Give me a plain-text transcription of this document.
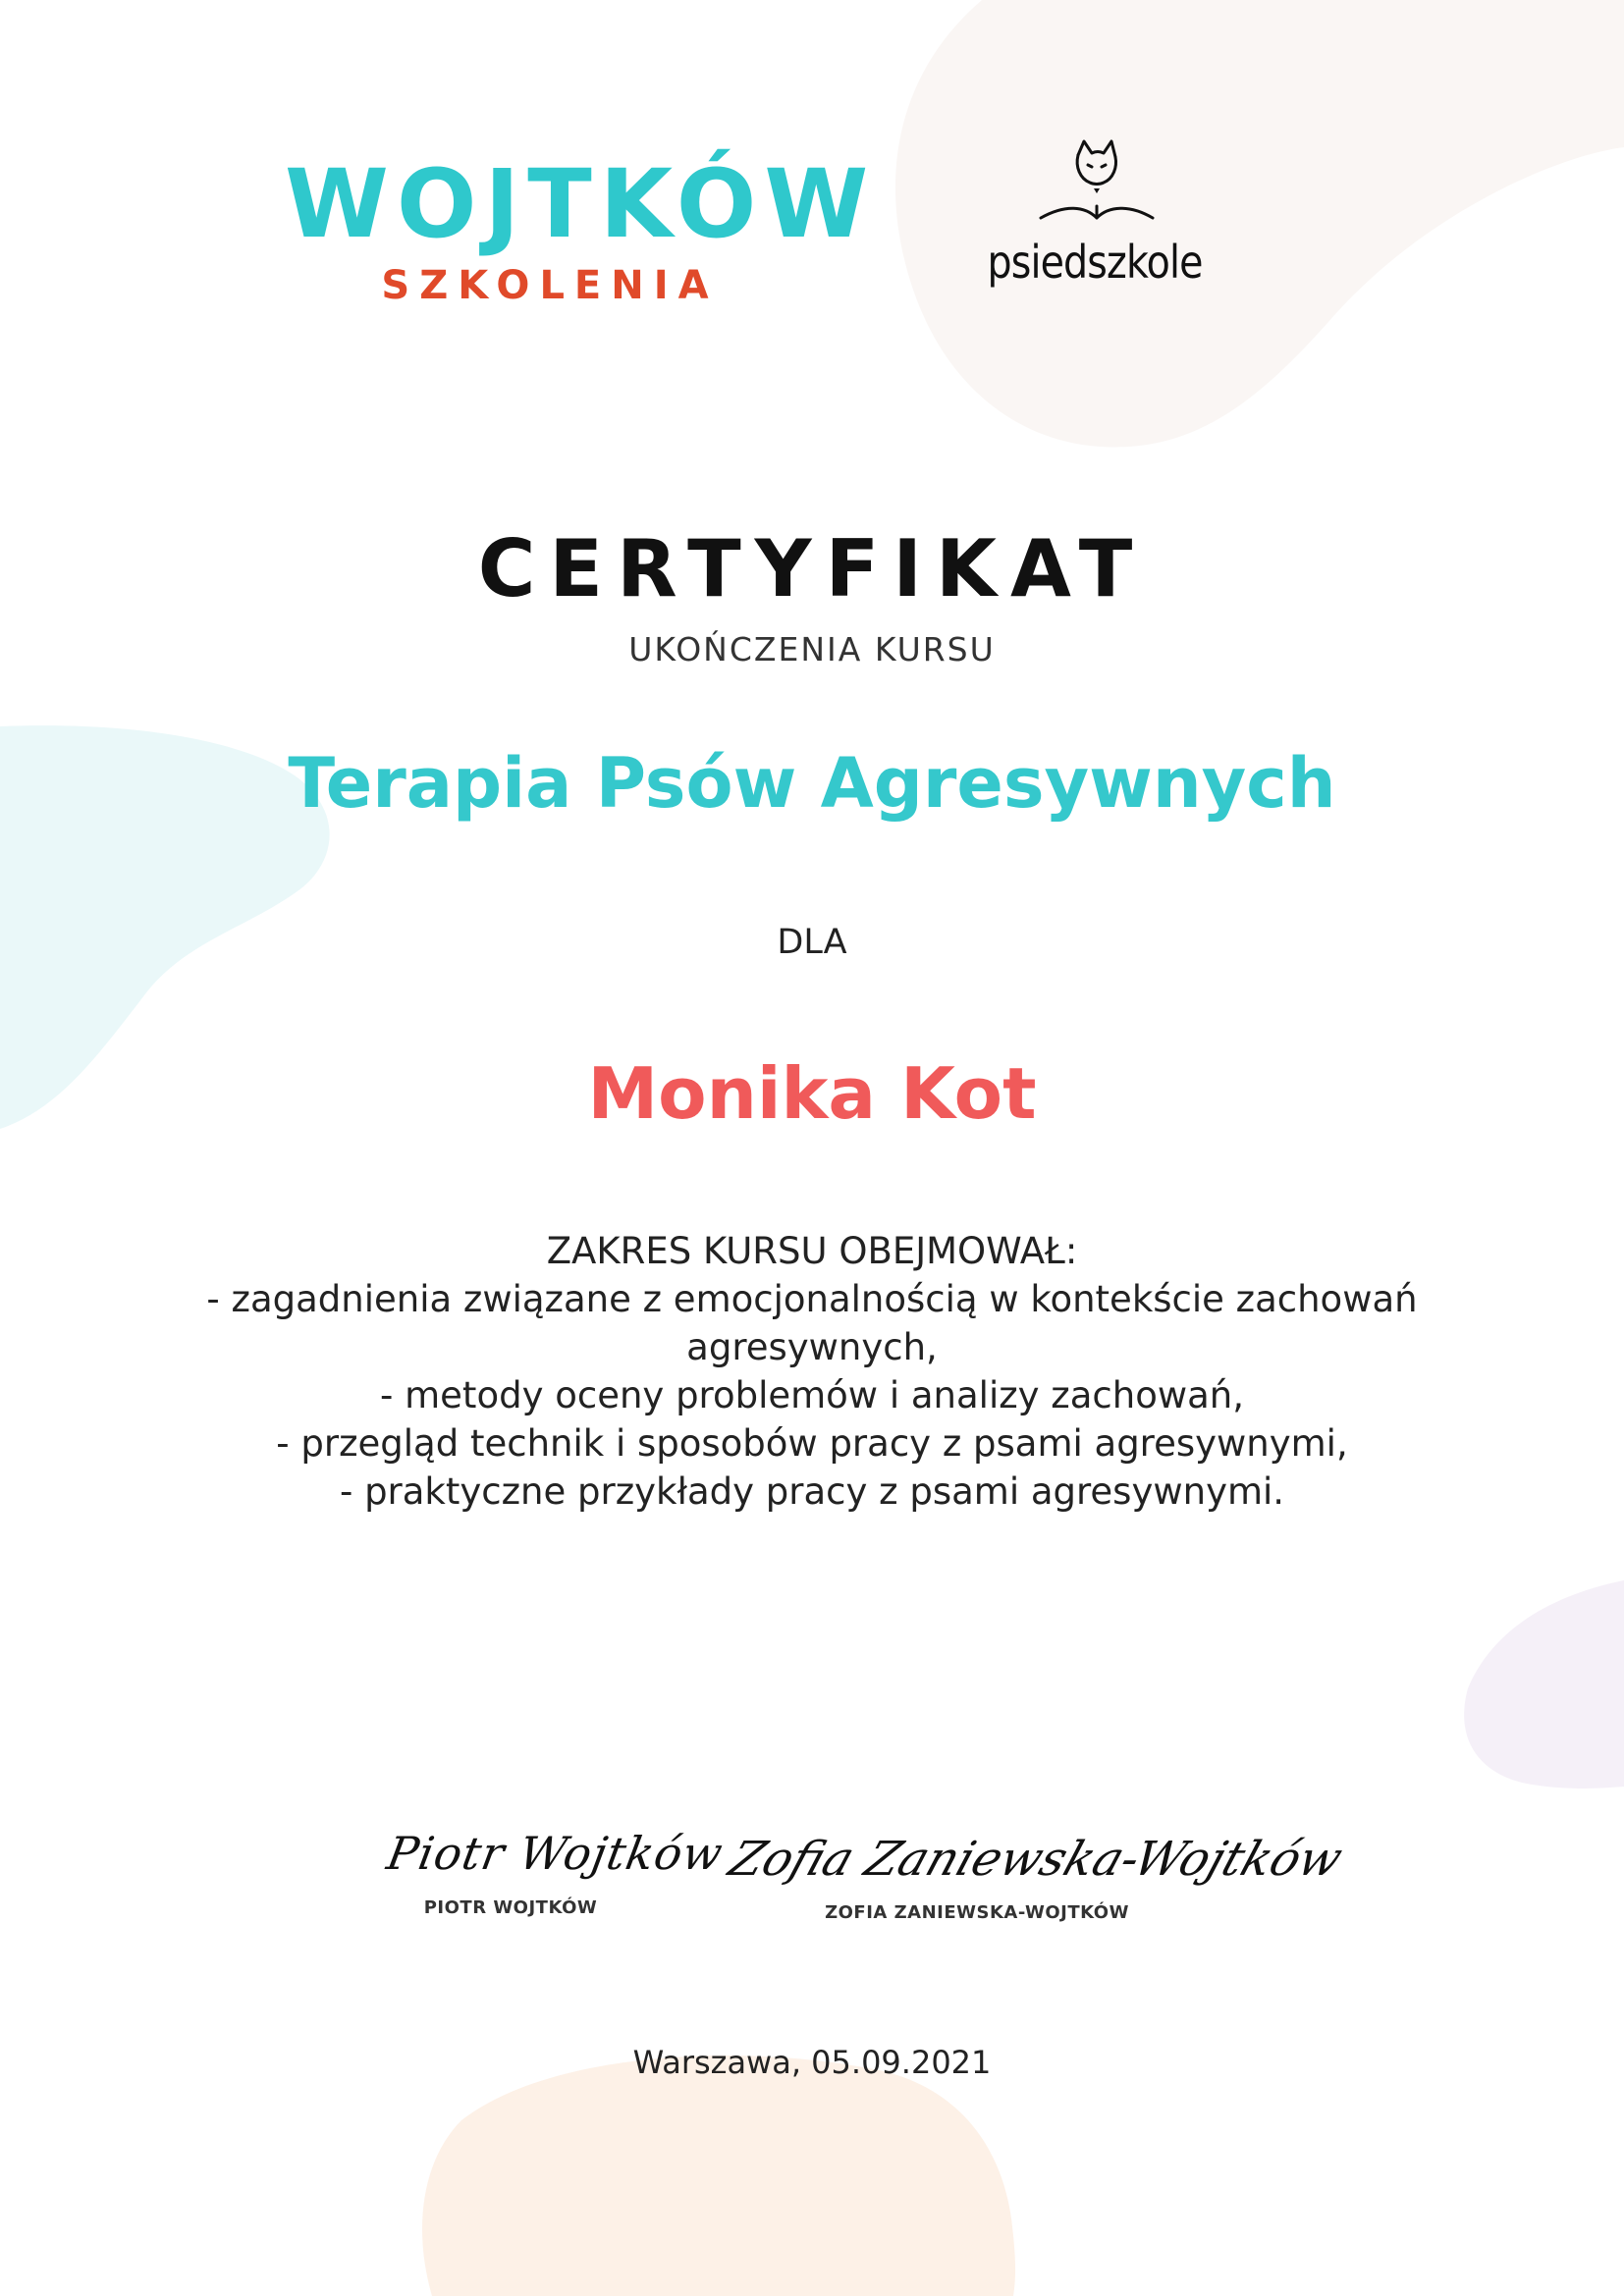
WOJTKÓW
SZKOLENIA	psiedszkole
CERTYFIKAT
UKOŃCZENIA KURSU
Terapia Psów Agresywnych
DLA
Monika Kot
ZAKRES KURSU OBEJMOWAŁ:
- zagadnienia związane z emocjonalnością w kontekście zachowań
agresywnych,
- metody oceny problemów i analizy zachowań,
- przegląd technik i sposobów pracy z psami agresywnymi,
- praktyczne przykłady pracy z psami agresywnymi.
Piotr Wojtków
PIOTR WOJTKÓW
Zofia Zaniewska-Wojtków
ZOFIA ZANIEWSKA-WOJTKÓW
Warszawa, 05.09.2021
